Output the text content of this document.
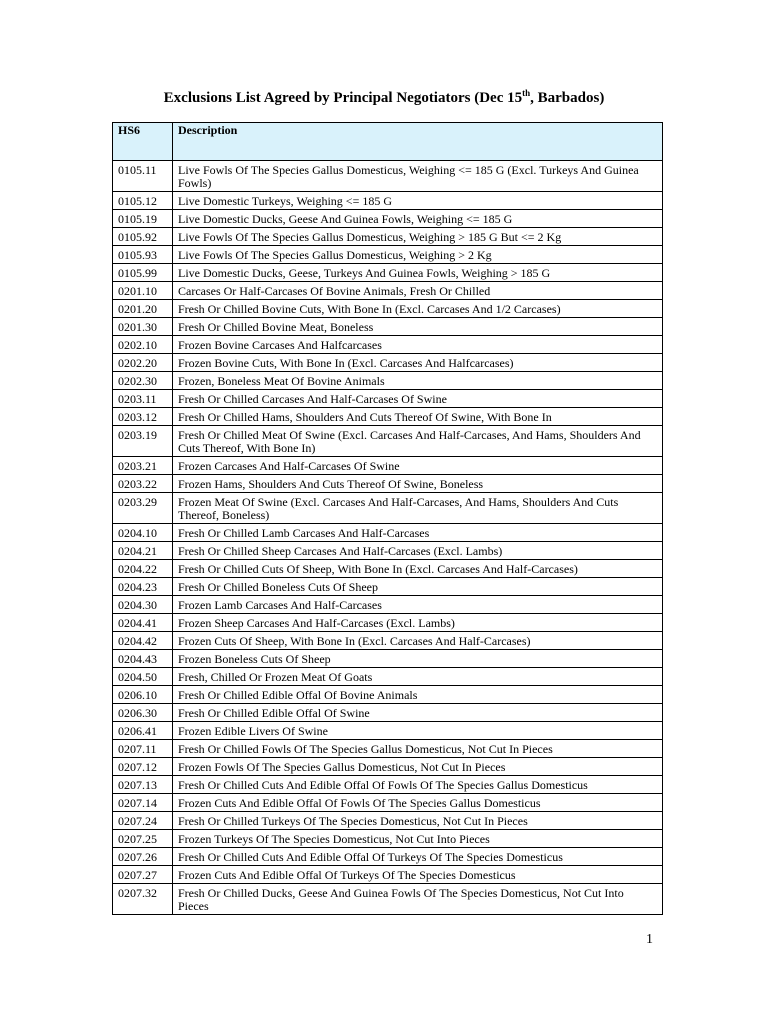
Exclusions List Agreed by Principal Negotiators (Dec 15th, Barbados)
HS6	Description
0105.11	Live Fowls Of The Species Gallus Domesticus, Weighing <= 185 G (Excl. Turkeys And Guinea Fowls)
0105.12	Live Domestic Turkeys, Weighing <= 185 G
0105.19	Live Domestic Ducks, Geese And Guinea Fowls, Weighing <= 185 G
0105.92	Live Fowls Of The Species Gallus Domesticus, Weighing > 185 G But <= 2 Kg
0105.93	Live Fowls Of The Species Gallus Domesticus, Weighing > 2 Kg
0105.99	Live Domestic Ducks, Geese, Turkeys And Guinea Fowls, Weighing > 185 G
0201.10	Carcases Or Half-Carcases Of Bovine Animals, Fresh Or Chilled
0201.20	Fresh Or Chilled Bovine Cuts, With Bone In (Excl. Carcases And 1/2 Carcases)
0201.30	Fresh Or Chilled Bovine Meat, Boneless
0202.10	Frozen Bovine Carcases And Halfcarcases
0202.20	Frozen Bovine Cuts, With Bone In (Excl. Carcases And Halfcarcases)
0202.30	Frozen, Boneless Meat Of Bovine Animals
0203.11	Fresh Or Chilled Carcases And Half-Carcases Of Swine
0203.12	Fresh Or Chilled Hams, Shoulders And Cuts Thereof Of Swine, With Bone In
0203.19	Fresh Or Chilled Meat Of Swine (Excl. Carcases And Half-Carcases, And Hams, Shoulders And Cuts Thereof, With Bone In)
0203.21	Frozen Carcases And Half-Carcases Of Swine
0203.22	Frozen Hams, Shoulders And Cuts Thereof Of Swine, Boneless
0203.29	Frozen Meat Of Swine (Excl. Carcases And Half-Carcases, And Hams, Shoulders And Cuts Thereof, Boneless)
0204.10	Fresh Or Chilled Lamb Carcases And Half-Carcases
0204.21	Fresh Or Chilled Sheep Carcases And Half-Carcases (Excl. Lambs)
0204.22	Fresh Or Chilled Cuts Of Sheep, With Bone In (Excl. Carcases And Half-Carcases)
0204.23	Fresh Or Chilled Boneless Cuts Of Sheep
0204.30	Frozen Lamb Carcases And Half-Carcases
0204.41	Frozen Sheep Carcases And Half-Carcases (Excl. Lambs)
0204.42	Frozen Cuts Of Sheep, With Bone In (Excl. Carcases And Half-Carcases)
0204.43	Frozen Boneless Cuts Of Sheep
0204.50	Fresh, Chilled Or Frozen Meat Of Goats
0206.10	Fresh Or Chilled Edible Offal Of Bovine Animals
0206.30	Fresh Or Chilled Edible Offal Of Swine
0206.41	Frozen Edible Livers Of Swine
0207.11	Fresh Or Chilled Fowls Of The Species Gallus Domesticus, Not Cut In Pieces
0207.12	Frozen Fowls Of The Species Gallus Domesticus, Not Cut In Pieces
0207.13	Fresh Or Chilled Cuts And Edible Offal Of Fowls Of The Species Gallus Domesticus
0207.14	Frozen Cuts And Edible Offal Of Fowls Of The Species Gallus Domesticus
0207.24	Fresh Or Chilled Turkeys Of The Species Domesticus, Not Cut In Pieces
0207.25	Frozen Turkeys Of The Species Domesticus, Not Cut Into Pieces
0207.26	Fresh Or Chilled Cuts And Edible Offal Of Turkeys Of The Species Domesticus
0207.27	Frozen Cuts And Edible Offal Of Turkeys Of The Species Domesticus
0207.32	Fresh Or Chilled Ducks, Geese And Guinea Fowls Of The Species Domesticus, Not Cut Into Pieces
1
